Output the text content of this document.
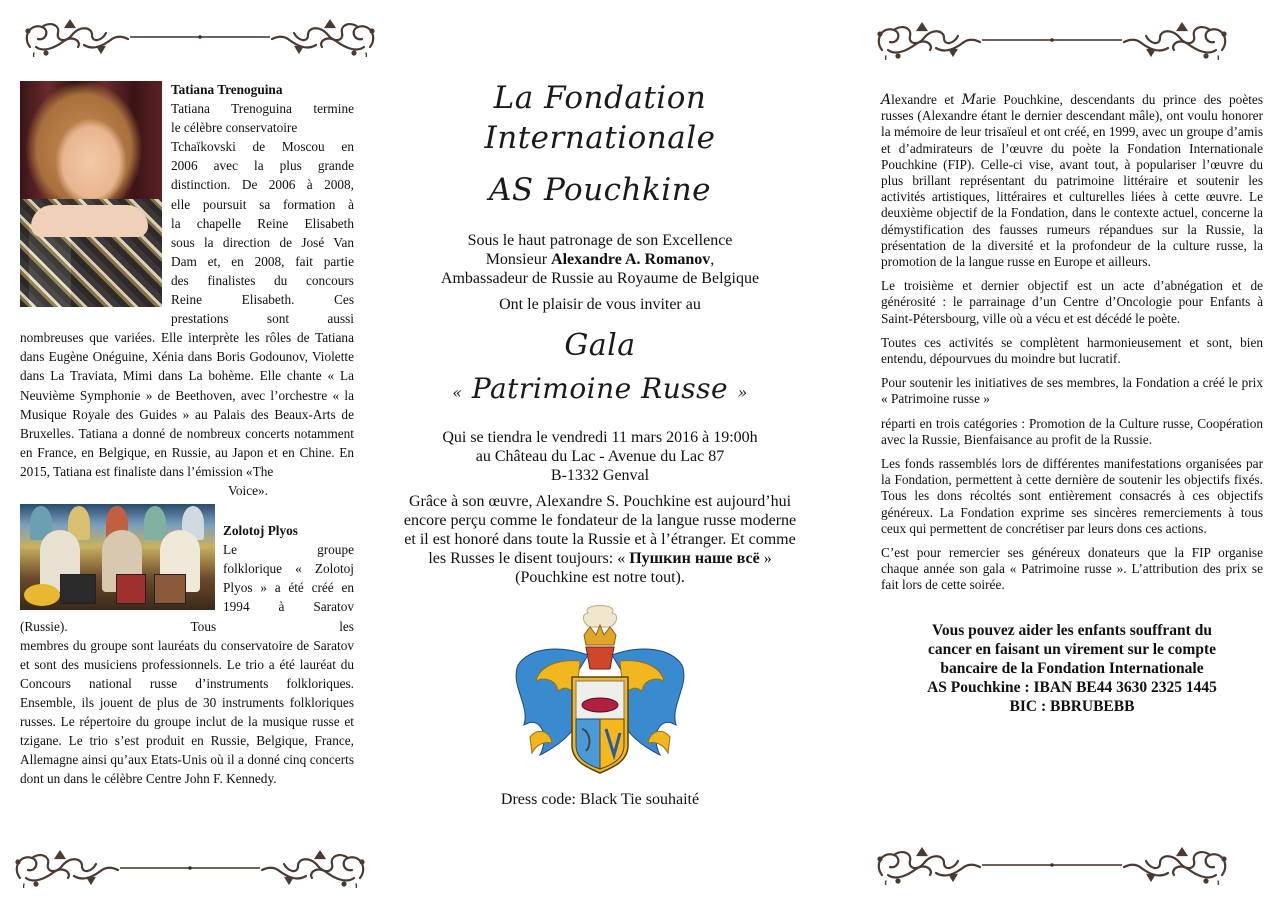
Tatiana Trenoguina
Tatiana Trenoguina termine
le célèbre conservatoire
Tchaïkovski de Moscou en
2006 avec la plus grande
distinction. De 2006 à 2008,
elle poursuit sa formation à
la chapelle Reine Elisabeth
sous la direction de José Van
Dam et, en 2008, fait partie
des finalistes du concours
Reine Elisabeth. Ces
prestations sont aussi

nombreuses que variées. Elle interprète les rôles de Tatiana dans Eugène Onéguine, Xénia dans Boris Godounov, Violette dans La Traviata, Mimi dans La bohème. Elle chante « La Neuvième Symphonie » de Beethoven, avec l’orchestre « la Musique Royale des Guides » au Palais des Beaux-Arts de Bruxelles. Tatiana a donné de nombreux concerts notamment en France, en Belgique, en Russie, au Japon et en Chine. En 2015, Tatiana est finaliste dans l’émission «The

Voice».
Zolotoj Plyos
Le groupe
folklorique « Zolotoj
Plyos » a été créé en
1994 à Saratov
(Russie). Tous les

membres du groupe sont lauréats du conservatoire de Saratov et sont des musiciens professionnels. Le trio a été lauréat du Concours national russe d’instruments folkloriques. Ensemble, ils jouent de plus de 30 instruments folkloriques russes. Le répertoire du groupe inclut de la musique russe et tzigane. Le trio s’est produit en Russie, Belgique, France, Allemagne ainsi qu’aux Etats-Unis où il a donné cinq concerts dont un dans le célèbre Centre John F. Kennedy.

La Fondation Internationale
AS Pouchkine
Sous le haut patronage de son Excellence
Monsieur Alexandre A. Romanov,
Ambassadeur de Russie au Royaume de Belgique
Ont le plaisir de vous inviter au
Gala
« Patrimoine Russe »
Qui se tiendra le vendredi 11 mars 2016 à 19:00h
au Château du Lac - Avenue du Lac 87
B-1332 Genval
Grâce à son œuvre, Alexandre S. Pouchkine est aujourd’hui encore perçu comme le fondateur de la langue russe moderne et il est honoré dans toute la Russie et à l’étranger. Et comme les Russes le disent toujours: « Пушкин наше всё »
(Pouchkine est notre tout).
Dress code: Black Tie souhaité

Alexandre et Marie Pouchkine, descendants du prince des poètes russes (Alexandre étant le dernier descendant mâle), ont voulu honorer la mémoire de leur trisaïeul et ont créé, en 1999, avec un groupe d’amis et d’admirateurs de l’œuvre du poète la Fondation Internationale Pouchkine (FIP). Celle-ci vise, avant tout, à populariser l’œuvre du plus brillant représentant du patrimoine littéraire et soutenir les activités artistiques, littéraires et culturelles liées à cette œuvre. Le deuxième objectif de la Fondation, dans le contexte actuel, concerne la démystification des fausses rumeurs répandues sur la Russie, la présentation de la diversité et la profondeur de la culture russe, la promotion de la langue russe en Europe et ailleurs.

Le troisième et dernier objectif est un acte d’abnégation et de générosité : le parrainage d’un Centre d’Oncologie pour Enfants à Saint-Pétersbourg, ville où a vécu et est décédé le poète.

Toutes ces activités se complètent harmonieusement et sont, bien entendu, dépourvues du moindre but lucratif.

Pour soutenir les initiatives de ses membres, la Fondation a créé le prix « Patrimoine russe »

réparti en trois catégories : Promotion de la Culture russe, Coopération avec la Russie, Bienfaisance au profit de la Russie.

Les fonds rassemblés lors de différentes manifestations organisées par la Fondation, permettent à cette dernière de soutenir les objectifs fixés. Tous les dons récoltés sont entièrement consacrés à ces objectifs généreux. La Fondation exprime ses sincères remerciements à tous ceux qui permettent de concrétiser par leurs dons ces actions.

C’est pour remercier ses généreux donateurs que la FIP organise chaque année son gala « Patrimoine russe ». L’attribution des prix se fait lors de cette soirée.

Vous pouvez aider les enfants souffrant du
cancer en faisant un virement sur le compte
bancaire de la Fondation Internationale
AS Pouchkine : IBAN BE44 3630 2325 1445
BIC : BBRUBEBB
